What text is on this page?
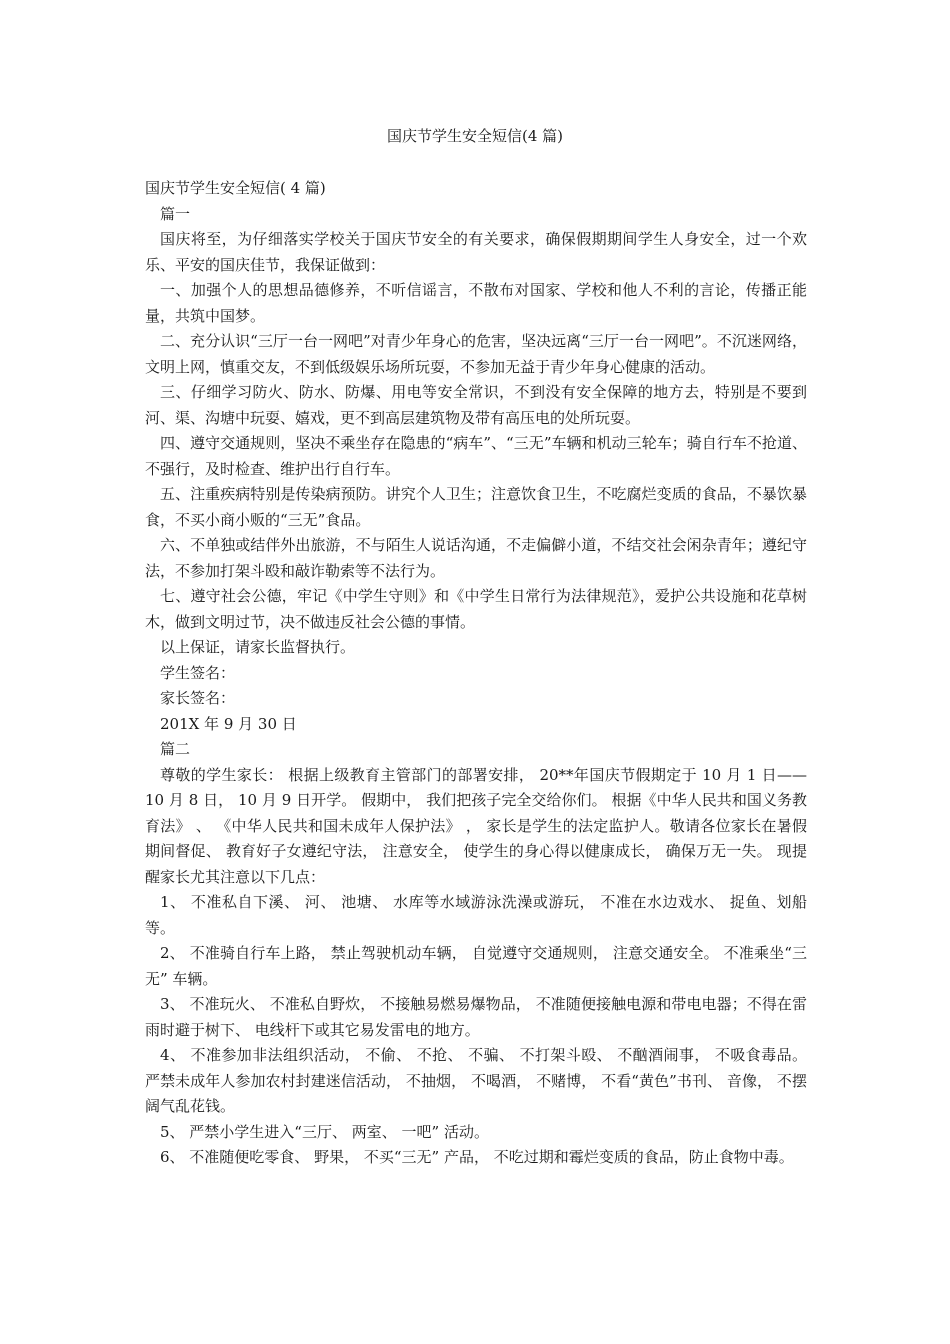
国庆节学生安全短信(4 篇)

国庆节学生安全短信( 4 篇)

篇一

国庆将至，为仔细落实学校关于国庆节安全的有关要求，确保假期期间学生人身安全，过一个欢乐、平安的国庆佳节，我保证做到：

一、加强个人的思想品德修养，不听信谣言，不散布对国家、学校和他人不利的言论，传播正能量，共筑中国梦。

二、充分认识“三厅一台一网吧”对青少年身心的危害，坚决远离“三厅一台一网吧”。不沉迷网络，文明上网，慎重交友，不到低级娱乐场所玩耍，不参加无益于青少年身心健康的活动。

三、仔细学习防火、防水、防爆、用电等安全常识，不到没有安全保障的地方去，特别是不要到河、渠、沟塘中玩耍、嬉戏，更不到高层建筑物及带有高压电的处所玩耍。

四、遵守交通规则，坚决不乘坐存在隐患的“病车”、“三无”车辆和机动三轮车；骑自行车不抢道、不强行，及时检查、维护出行自行车。

五、注重疾病特别是传染病预防。讲究个人卫生；注意饮食卫生，不吃腐烂变质的食品，不暴饮暴食，不买小商小贩的“三无”食品。

六、不单独或结伴外出旅游，不与陌生人说话沟通，不走偏僻小道，不结交社会闲杂青年；遵纪守法，不参加打架斗殴和敲诈勒索等不法行为。

七、遵守社会公德，牢记《中学生守则》和《中学生日常行为法律规范》，爱护公共设施和花草树木，做到文明过节，决不做违反社会公德的事情。

以上保证，请家长监督执行。

学生签名：

家长签名：

201X 年 9 月 30 日

篇二

尊敬的学生家长： 根据上级教育主管部门的部署安排， 20**年国庆节假期定于 10 月 1 日——10 月 8 日， 10 月 9 日开学。 假期中， 我们把孩子完全交给你们。 根据《中华人民共和国义务教育法》 、 《中华人民共和国未成年人保护法》 ， 家长是学生的法定监护人。敬请各位家长在暑假期间督促、 教育好子女遵纪守法， 注意安全， 使学生的身心得以健康成长， 确保万无一失。 现提醒家长尤其注意以下几点：

1、 不准私自下溪、 河、 池塘、 水库等水域游泳洗澡或游玩， 不准在水边戏水、 捉鱼、划船等。

2、 不准骑自行车上路， 禁止驾驶机动车辆， 自觉遵守交通规则， 注意交通安全。 不准乘坐“三无” 车辆。

3、 不准玩火、 不准私自野炊， 不接触易燃易爆物品， 不准随便接触电源和带电电器；不得在雷雨时避于树下、 电线杆下或其它易发雷电的地方。

4、 不准参加非法组织活动， 不偷、 不抢、 不骗、 不打架斗殴、 不酗酒闹事， 不吸食毒品。 严禁未成年人参加农村封建迷信活动， 不抽烟， 不喝酒， 不赌博， 不看“黄色”书刊、 音像， 不摆阔气乱花钱。

5、 严禁小学生进入“三厅、 两室、 一吧” 活动。

6、 不准随便吃零食、 野果， 不买“三无” 产品， 不吃过期和霉烂变质的食品，防止食物中毒。
